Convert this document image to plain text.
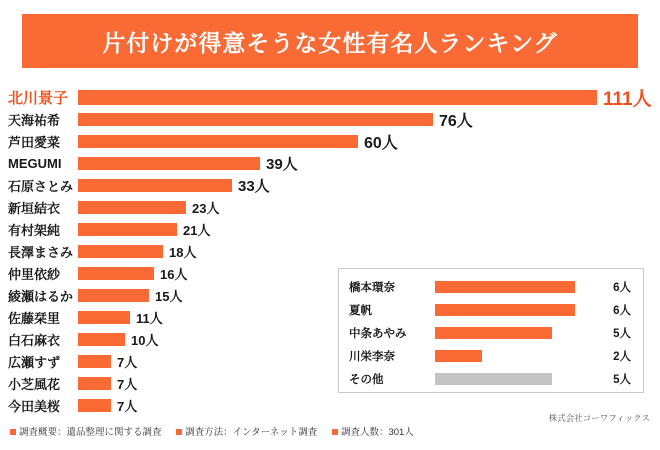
片付けが得意そうな女性有名人ランキング
北川景子	111人
天海祐希	76人
芦田愛菜	60人
MEGUMI	39人
石原さとみ	33人
新垣結衣	23人
有村架純	21人
長澤まさみ	18人
仲里依紗	16人
綾瀬はるか	15人
佐藤栞里	11人
白石麻衣	10人
広瀬すず	7人
小芝風花	7人
今田美桜	7人
橋本環奈	6人
夏帆	6人
中条あやみ	5人
川栄李奈	2人
その他	5人
株式会社コーワフィックス
調査概要：遺品整理に関する調査 調査方法：インターネット調査 調査人数：301人
